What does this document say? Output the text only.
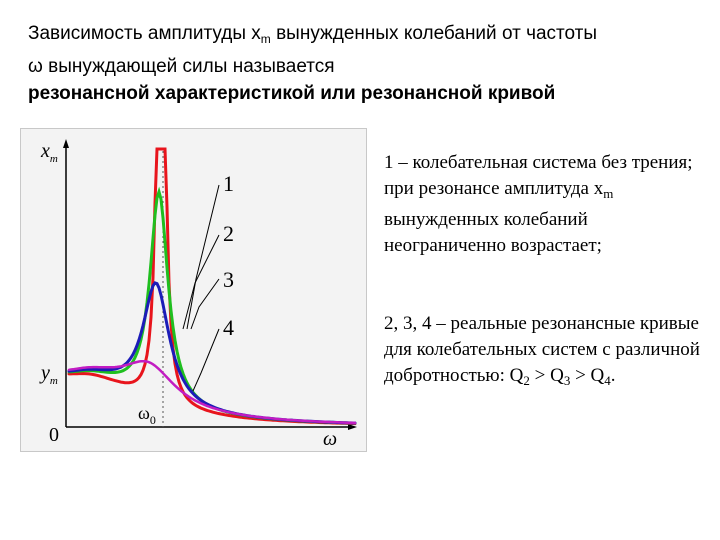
Зависимость амплитуды $x_m$ вынужденных колебаний от частоты
ω вынуждающей силы называется
резонансной характеристикой или резонансной кривой
1
2
3
4
$x_т$
$y_т$
0	ω
$\omega_0$

1 – колебательная система без трения; при резонансе амплитуда $x_m$ вынужденных колебаний неограниченно возрастает;

2, 3, 4 – реальные резонансные кривые для колебательных систем с различной добротностью: $Q_2 > Q_3 > Q_4$.
